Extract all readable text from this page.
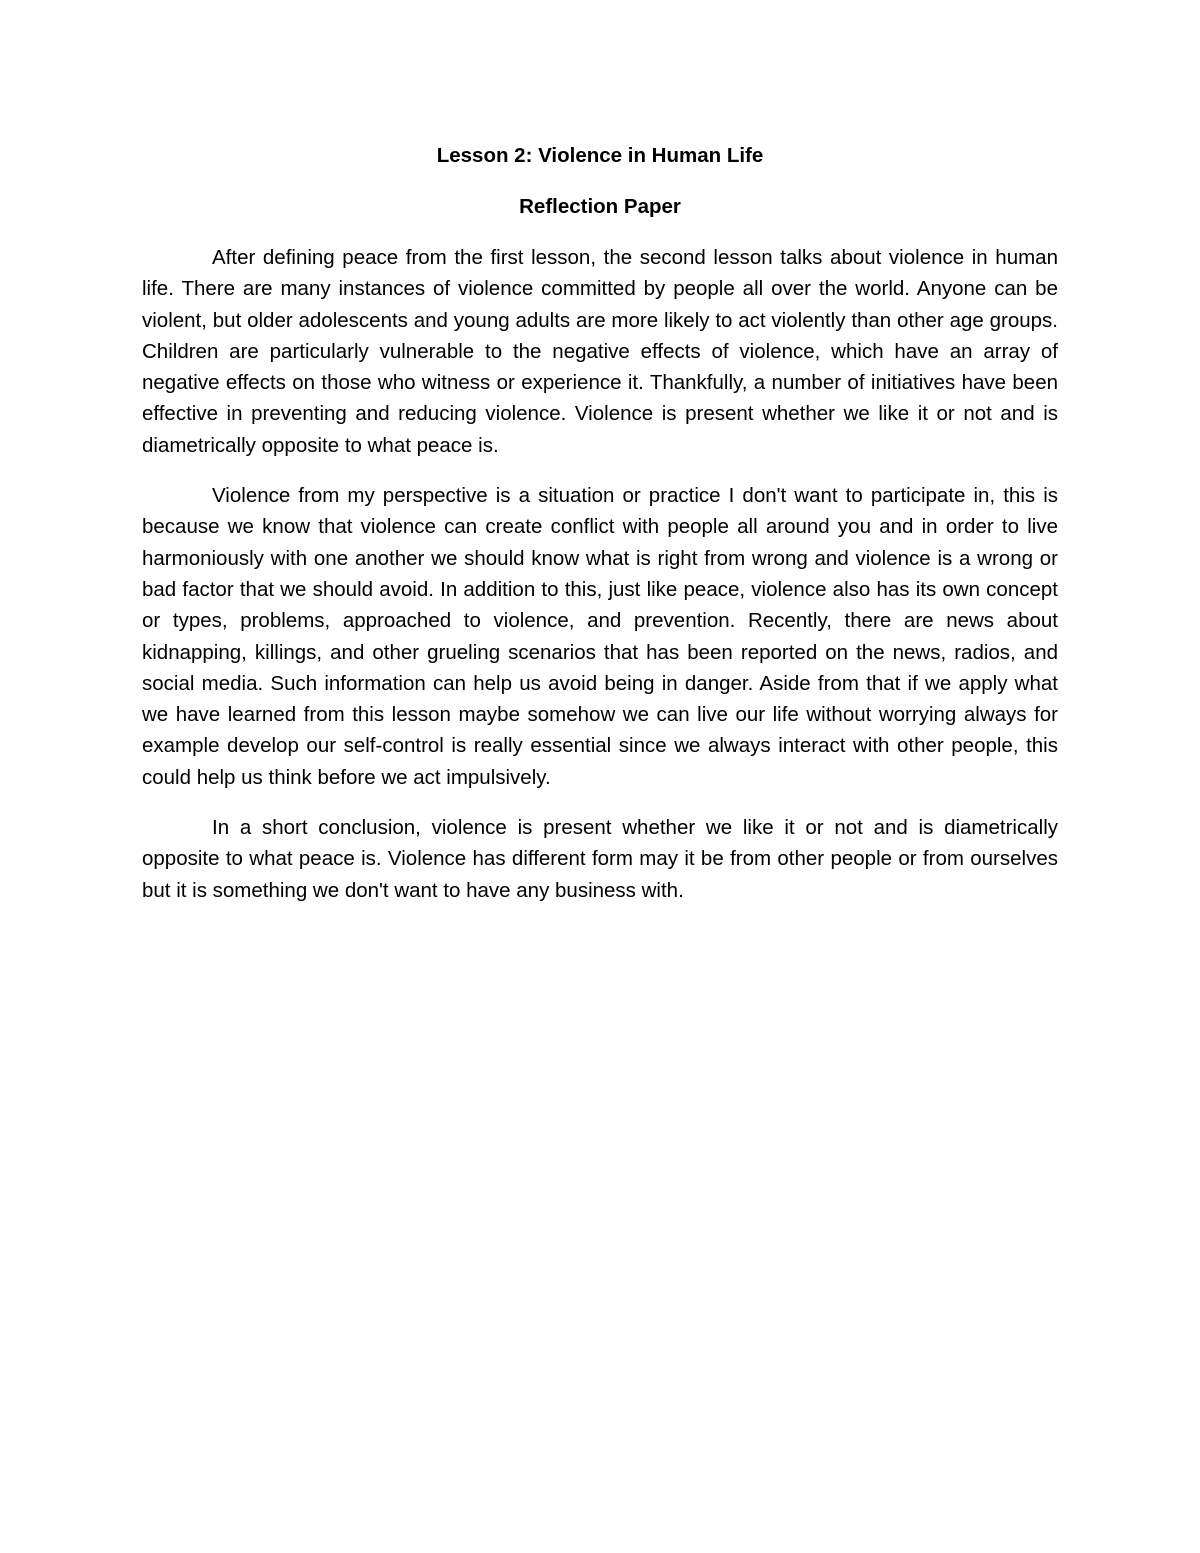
Lesson 2: Violence in Human Life
Reflection Paper

After defining peace from the first lesson, the second lesson talks about violence in human life. There are many instances of violence committed by people all over the world. Anyone can be violent, but older adolescents and young adults are more likely to act violently than other age groups. Children are particularly vulnerable to the negative effects of violence, which have an array of negative effects on those who witness or experience it. Thankfully, a number of initiatives have been effective in preventing and reducing violence. Violence is present whether we like it or not and is diametrically opposite to what peace is.

Violence from my perspective is a situation or practice I don't want to participate in, this is because we know that violence can create conflict with people all around you and in order to live harmoniously with one another we should know what is right from wrong and violence is a wrong or bad factor that we should avoid. In addition to this, just like peace, violence also has its own concept or types, problems, approached to violence, and prevention. Recently, there are news about kidnapping, killings, and other grueling scenarios that has been reported on the news, radios, and social media. Such information can help us avoid being in danger. Aside from that if we apply what we have learned from this lesson maybe somehow we can live our life without worrying always for example develop our self-control is really essential since we always interact with other people, this could help us think before we act impulsively.

In a short conclusion, violence is present whether we like it or not and is diametrically opposite to what peace is. Violence has different form may it be from other people or from ourselves but it is something we don't want to have any business with.
